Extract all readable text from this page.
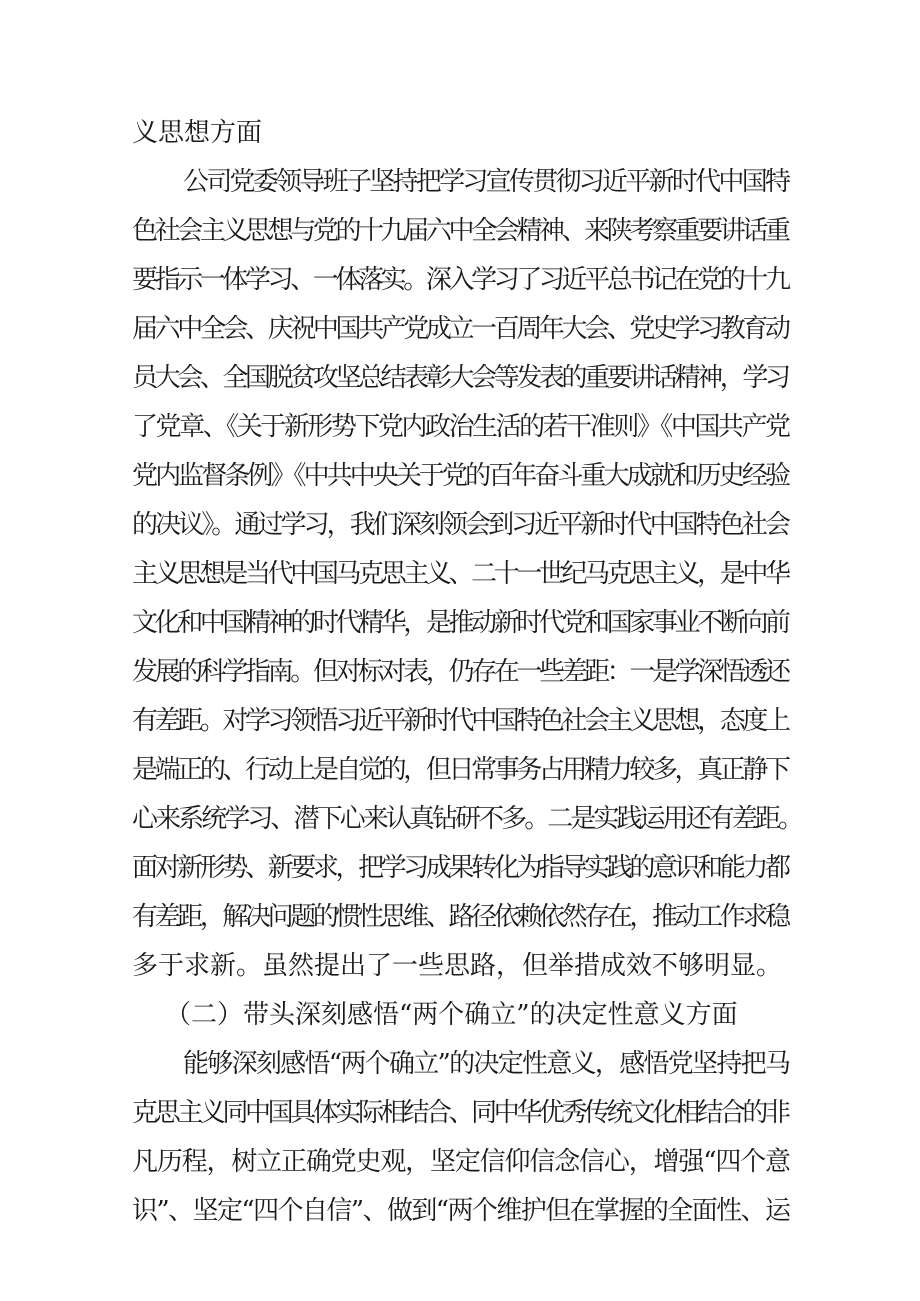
义思想方面
公司党委领导班子坚持把学习宣传贯彻习近平新时代中国特
色社会主义思想与党的十九届六中全会精神、来陕考察重要讲话重
要指示一体学习、一体落实。深入学习了习近平总书记在党的十九
届六中全会、庆祝中国共产党成立一百周年大会、党史学习教育动
员大会、全国脱贫攻坚总结表彰大会等发表的重要讲话精神，学习
了党章、《关于新形势下党内政治生活的若干准则》《中国共产党
党内监督条例》《中共中央关于党的百年奋斗重大成就和历史经验
的决议》。通过学习，我们深刻领会到习近平新时代中国特色社会
主义思想是当代中国马克思主义、二十一世纪马克思主义，是中华
文化和中国精神的时代精华，是推动新时代党和国家事业不断向前
发展的科学指南。但对标对表，仍存在一些差距：一是学深悟透还
有差距。对学习领悟习近平新时代中国特色社会主义思想，态度上
是端正的、行动上是自觉的，但日常事务占用精力较多，真正静下
心来系统学习、潜下心来认真钻研不多。二是实践运用还有差距。
面对新形势、新要求，把学习成果转化为指导实践的意识和能力都
有差距，解决问题的惯性思维、路径依赖依然存在，推动工作求稳
多于求新。虽然提出了一些思路，但举措成效不够明显。
（二）带头深刻感悟“两个确立”的决定性意义方面
能够深刻感悟“两个确立”的决定性意义，感悟党坚持把马
克思主义同中国具体实际相结合、同中华优秀传统文化相结合的非
凡历程，树立正确党史观，坚定信仰信念信心，增强“四个意
识”、坚定“四个自信”、做到“两个维护但在掌握的全面性、运
